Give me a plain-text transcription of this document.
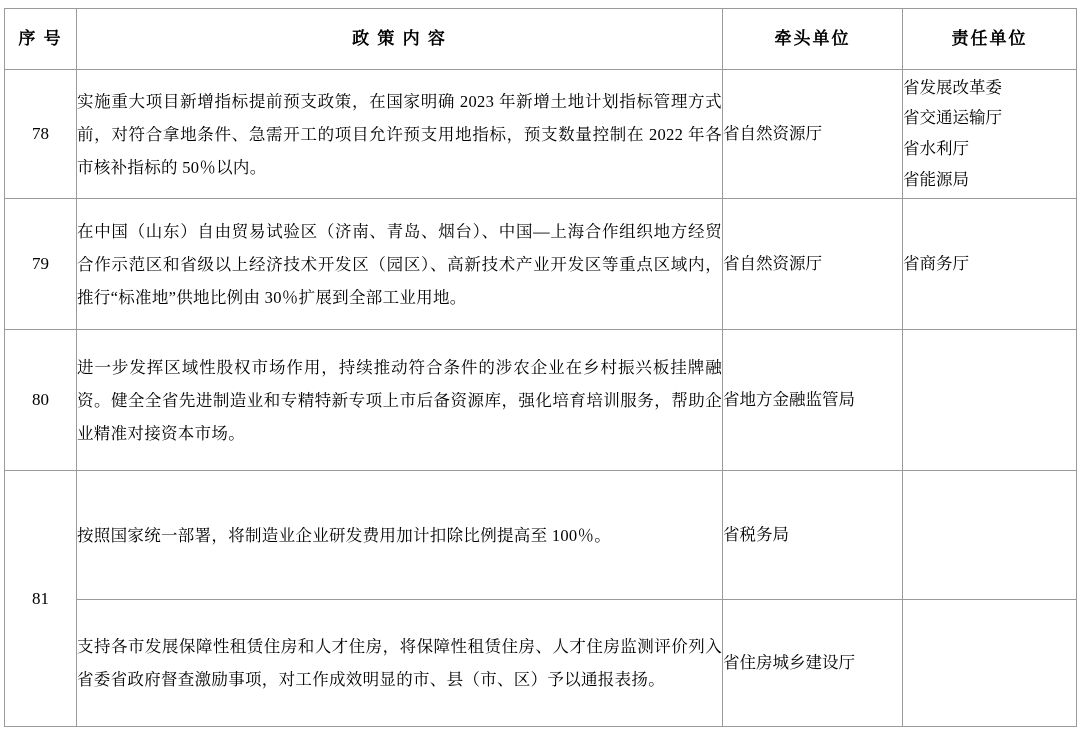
序 号	政 策 内 容	牵头单位	责任单位

78	实施重大项目新增指标提前预支政策，在国家明确 2023 年新增土地计划指标管理方式前，对符合拿地条件、急需开工的项目允许预支用地指标，预支数量控制在 2022 年各市核补指标的 50％以内。	省自然资源厅	省发展改革委
省交通运输厅
省水利厅
省能源局

79	在中国（山东）自由贸易试验区（济南、青岛、烟台）、中国—上海合作组织地方经贸合作示范区和省级以上经济技术开发区（园区）、高新技术产业开发区等重点区域内，推行“标准地”供地比例由 30％扩展到全部工业用地。	省自然资源厅	省商务厅

80	进一步发挥区域性股权市场作用，持续推动符合条件的涉农企业在乡村振兴板挂牌融资。健全全省先进制造业和专精特新专项上市后备资源库，强化培育培训服务，帮助企业精准对接资本市场。	省地方金融监管局	
81	按照国家统一部署，将制造业企业研发费用加计扣除比例提高至 100％。	省税务局	
	支持各市发展保障性租赁住房和人才住房，将保障性租赁住房、人才住房监测评价列入省委省政府督查激励事项，对工作成效明显的市、县（市、区）予以通报表扬。	省住房城乡建设厅	
